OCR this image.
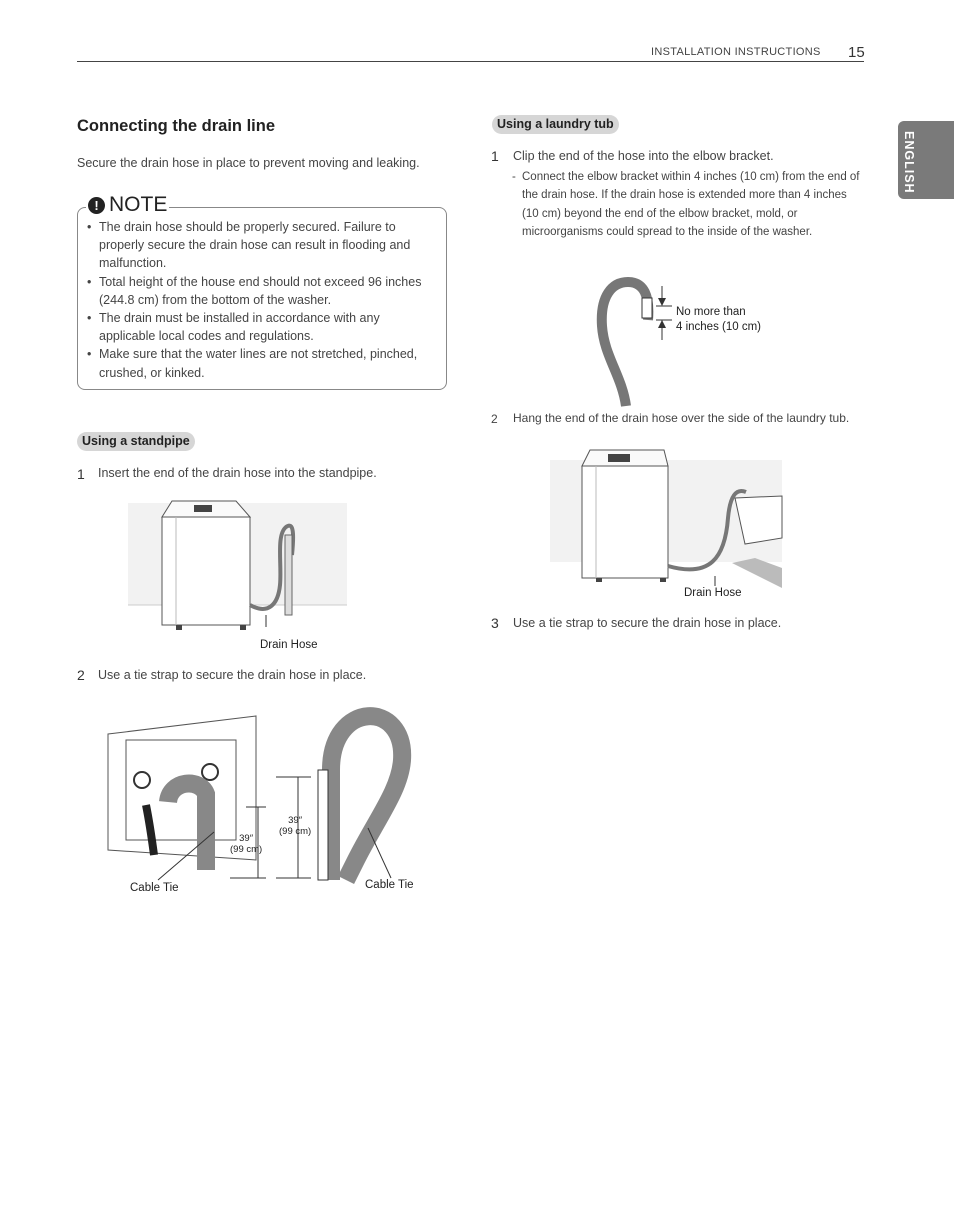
INSTALLATION INSTRUCTIONS 15
ENGLISH
Connecting the drain line
Secure the drain hose in place to prevent moving and leaking.
! NOTE
• The drain hose should be properly secured. Failure to properly secure the drain hose can result in flooding and malfunction.
• Total height of the house end should not exceed 96 inches (244.8 cm) from the bottom of the washer.
• The drain must be installed in accordance with any applicable local codes and regulations.
• Make sure that the water lines are not stretched, pinched, crushed, or kinked.
Using a standpipe
1 Insert the end of the drain hose into the standpipe.
Drain Hose
2 Use a tie strap to secure the drain hose in place.
39″
(99 cm)
39″
(99 cm)
Cable Tie	Cable Tie
Using a laundry tub
1 Clip the end of the hose into the elbow bracket.
- Connect the elbow bracket within 4 inches (10 cm) from the end of the drain hose. If the drain hose is extended more than 4 inches (10 cm) beyond the end of the elbow bracket, mold, or microorganisms could spread to the inside of the washer.
No more than
4 inches (10 cm)
2 Hang the end of the drain hose over the side of the laundry tub.
Drain Hose
3 Use a tie strap to secure the drain hose in place.
